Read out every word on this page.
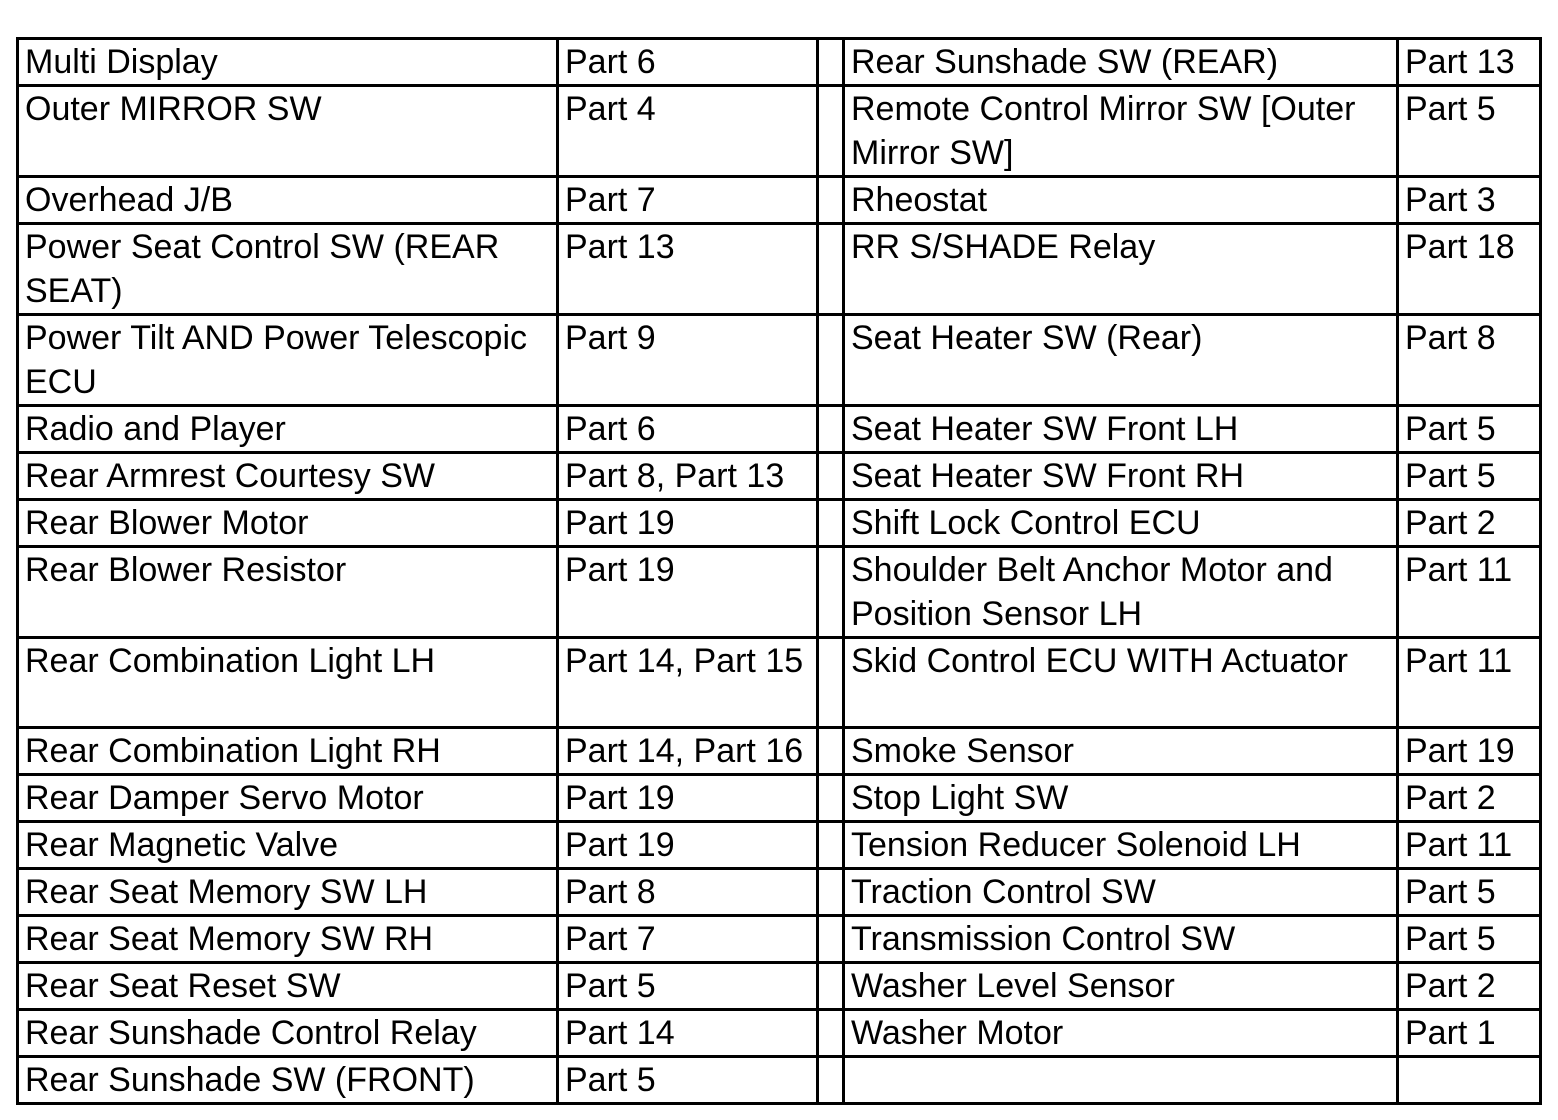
Multi Display	Part 6		Rear Sunshade SW (REAR)	Part 13
Outer MIRROR SW	Part 4		Remote Control Mirror SW [Outer Mirror SW]	Part 5
Overhead J/B	Part 7		Rheostat	Part 3
Power Seat Control SW (REAR SEAT)	Part 13		RR S/SHADE Relay	Part 18
Power Tilt AND Power Telescopic ECU	Part 9		Seat Heater SW (Rear)	Part 8
Radio and Player	Part 6		Seat Heater SW Front LH	Part 5
Rear Armrest Courtesy SW	Part 8, Part 13		Seat Heater SW Front RH	Part 5
Rear Blower Motor	Part 19		Shift Lock Control ECU	Part 2
Rear Blower Resistor	Part 19		Shoulder Belt Anchor Motor and Position Sensor LH	Part 11
Rear Combination Light LH	Part 14, Part 15		Skid Control ECU WITH Actuator	Part 11
Rear Combination Light RH	Part 14, Part 16		Smoke Sensor	Part 19
Rear Damper Servo Motor	Part 19		Stop Light SW	Part 2
Rear Magnetic Valve	Part 19		Tension Reducer Solenoid LH	Part 11
Rear Seat Memory SW LH	Part 8		Traction Control SW	Part 5
Rear Seat Memory SW RH	Part 7		Transmission Control SW	Part 5
Rear Seat Reset SW	Part 5		Washer Level Sensor	Part 2
Rear Sunshade Control Relay	Part 14		Washer Motor	Part 1
Rear Sunshade SW (FRONT)	Part 5			
